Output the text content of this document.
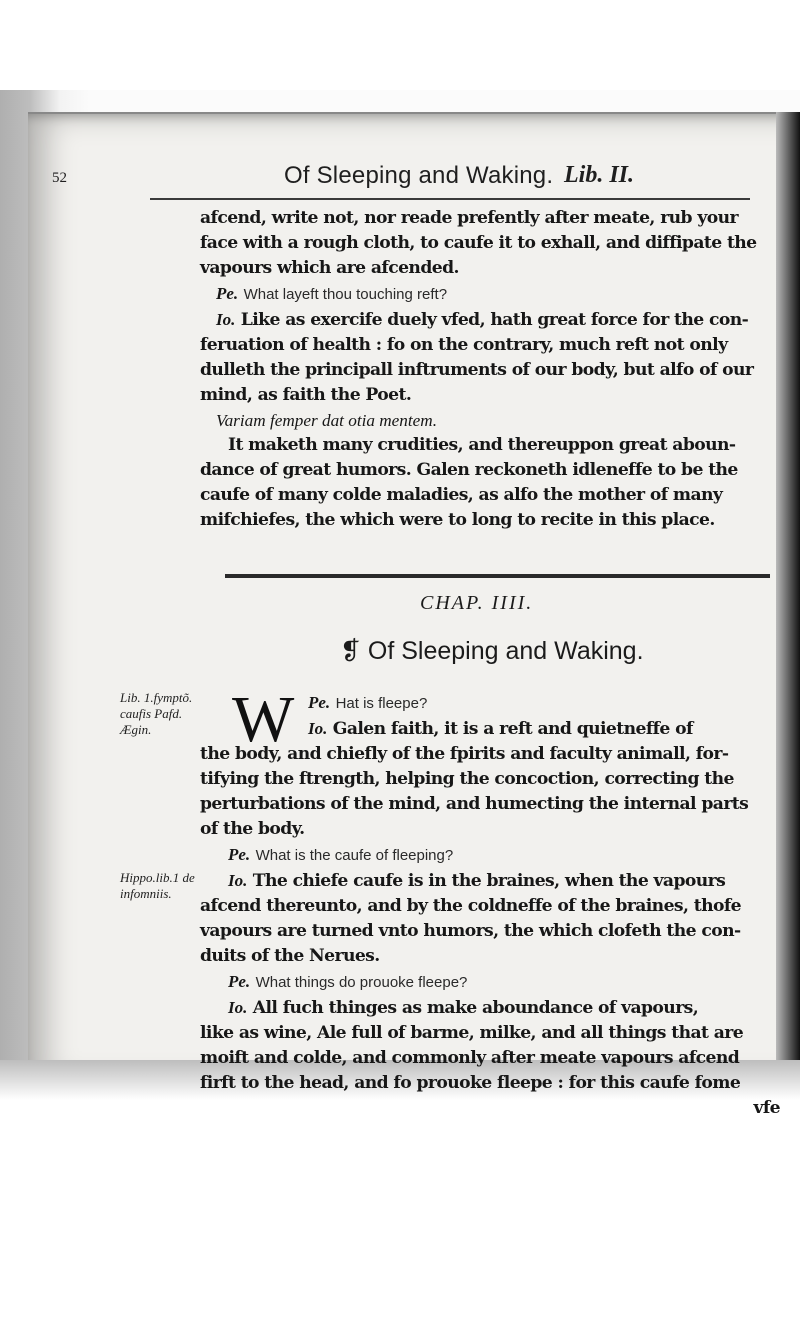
52	Of Sleeping and Waking. Lib. II.

afcend, write not, nor reade prefently after meate, rub your

face with a rough cloth, to caufe it to exhall, and diffipate the

vapours which are afcended.

Pe. What layeft thou touching reft?

Io. Like as exercife duely vfed, hath great force for the con-

feruation of health : fo on the contrary, much reft not only

dulleth the principall inftruments of our body, but alfo of our

mind, as faith the Poet.

Variam femper dat otia mentem.

It maketh many crudities, and thereuppon great aboun-

dance of great humors. Galen reckoneth idleneffe to be the

caufe of many colde maladies, as alfo the mother of many

mifchiefes, the which were to long to recite in this place.

CHAP. IIII.
❡ Of Sleeping and Waking.
W
Lib. 1.fymptõ.
caufis Pafd.
Ægin.

Pe. Hat is fleepe?

Io. Galen faith, it is a reft and quietneffe of

the body, and chiefly of the fpirits and faculty animall, for-

tifying the ftrength, helping the concoction, correcting the

perturbations of the mind, and humecting the internal parts

of the body.

Pe. What is the caufe of fleeping?

Io. The chiefe caufe is in the braines, when the vapours

afcend thereunto, and by the coldneffe of the braines, thofe

vapours are turned vnto humors, the which clofeth the con-

duits of the Nerues.

Pe. What things do prouoke fleepe?

Io. All fuch thinges as make aboundance of vapours,

like as wine, Ale full of barme, milke, and all things that are

moift and colde, and commonly after meate vapours afcend

firft to the head, and fo prouoke fleepe : for this caufe fome

vfe

Hippo.lib.1 de
infomniis.
